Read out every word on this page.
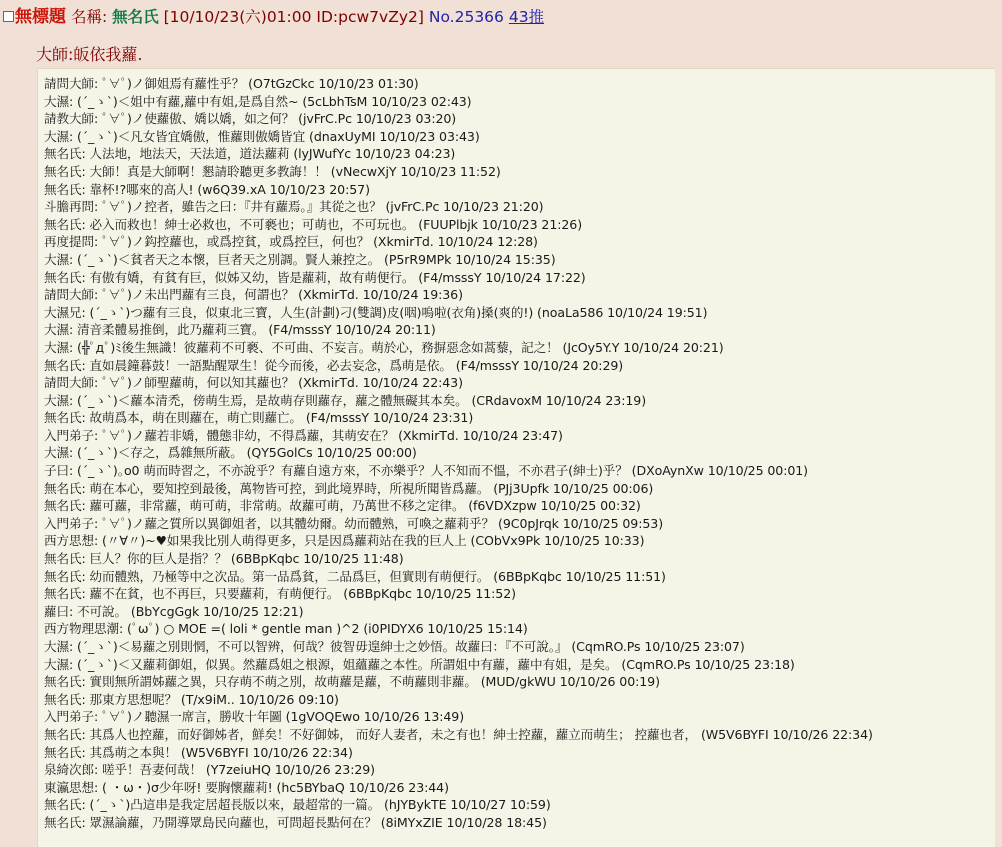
無標題 名稱: 無名氏 [10/10/23(六)01:00 ID:pcw7vZy2] No.25366 43推
大師:皈依我蘿.
請問大師: ﾟ∀ﾟ)ノ御姐焉有蘿性乎？ (O7tGzCkc 10/10/23 01:30)
大濕: (´_ゝ`)＜姐中有蘿,蘿中有姐,是爲自然~ (5cLbhTsM 10/10/23 02:43)
請教大師: ﾟ∀ﾟ)ノ使蘿傲、嬌以嬌，如之何？ (jvFrC.Pc 10/10/23 03:20)
大濕: (´_ゝ`)＜凡女皆宜嬌傲，惟蘿則傲嬌皆宜 (dnaxUyMI 10/10/23 03:43)
無名氏: 人法地，地法天，天法道，道法蘿莉 (lyJWufYc 10/10/23 04:23)
無名氏: 大師！真是大師啊！懇請聆聽更多教誨！！ (vNecwXjY 10/10/23 11:52)
無名氏: 靠杯!?哪來的高人! (w6Q39.xA 10/10/23 20:57)
斗膽再問: ﾟ∀ﾟ)ノ控者，雖告之曰：『井有蘿焉。』其從之也？ (jvFrC.Pc 10/10/23 21:20)
無名氏: 必入而救也！紳士必救也，不可褻也；可萌也，不可玩也。 (FUUPlbjk 10/10/23 21:26)
再度提問: ﾟ∀ﾟ)ノ鈎控蘿也，或爲控貧，或爲控巨，何也？ (XkmirTd. 10/10/24 12:28)
大濕: (´_ゝ`)＜貧者天之本懷，巨者天之別調。賢人兼控之。 (P5rR9MPk 10/10/24 15:35)
無名氏: 有傲有嬌，有貧有巨，似姊又幼，皆是蘿莉，故有萌便行。 (F4/msssY 10/10/24 17:22)
請問大師: ﾟ∀ﾟ)ノ未出門蘿有三良，何謂也？ (XkmirTd. 10/10/24 19:36)
大濕兄: (´_ゝ`)つ蘿有三良，似東北三寶，人生(計劃)刁(雙調)皮(咽)嗚啦(衣角)搡(爽的!) (noaLa586 10/10/24 19:51)
大濕: 清音柔體易推倒，此乃蘿莉三寶。 (F4/msssY 10/10/24 20:11)
大濕: (╬ﾟдﾟ)ﾐ後生無識！彼蘿莉不可褻、不可曲、不妄言。萌於心，務摒惡念如蒿藜，記之！ (JcOy5Y.Y 10/10/24 20:21)
無名氏: 直如晨鐘暮鼓！一語點醒眾生！從今而後，必去妄念，爲萌是依。 (F4/msssY 10/10/24 20:29)
請問大師: ﾟ∀ﾟ)ノ師聖蘿萌，何以知其蘿也？ (XkmirTd. 10/10/24 22:43)
大濕: (´_ゝ`)＜蘿本清禿，傍萌生焉，是故萌存則蘿存，蘿之體無礙其本矣。 (CRdavoxM 10/10/24 23:19)
無名氏: 故萌爲本，萌在則蘿在，萌亡則蘿亡。 (F4/msssY 10/10/24 23:31)
入門弟子: ﾟ∀ﾟ)ノ蘿若非嬌，體態非幼，不得爲蘿，其萌安在？ (XkmirTd. 10/10/24 23:47)
大濕: (´_ゝ`)＜存之，爲雜無所蔽。 (QY5GolCs 10/10/25 00:00)
子曰: (´_ゝ`)｡o0 萌而時習之，不亦說乎？有蘿自遠方來，不亦樂乎？人不知而不慍，不亦君子(紳士)乎？ (DXoAynXw 10/10/25 00:01)
無名氏: 萌在本心，要知控到最後，萬物皆可控，到此境界時，所視所聞皆爲蘿。 (PJj3Upfk 10/10/25 00:06)
無名氏: 蘿可蘿，非常蘿，萌可萌，非常萌。故蘿可萌，乃萬世不移之定律。 (f6VDXzpw 10/10/25 00:32)
入門弟子: ﾟ∀ﾟ)ノ蘿之質所以異御姐者，以其體幼爾。幼而體熟，可喚之蘿莉乎？ (9C0pJrqk 10/10/25 09:53)
西方思想: (〃∀〃)~♥如果我比別人萌得更多，只是因爲蘿莉站在我的巨人上 (CObVx9Pk 10/10/25 10:33)
無名氏: 巨人？你的巨人是指？？ (6BBpKqbc 10/10/25 11:48)
無名氏: 幼而體熟，乃極等中之次品。第一品爲貧，二品爲巨，但實則有萌便行。 (6BBpKqbc 10/10/25 11:51)
無名氏: 蘿不在貧，也不再巨，只要蘿莉，有萌便行。 (6BBpKqbc 10/10/25 11:52)
蘿曰: 不可說。 (BbYcgGgk 10/10/25 12:21)
西方物理思潮: (ﾟωﾟ) ○ MOE =( loli * gentle man )^2 (i0PIDYX6 10/10/25 15:14)
大濕: (´_ゝ`)＜易蘿之別則惘，不可以智辨，何哉？彼智毋遑紳士之妙悟。故蘿曰：『不可說。』 (CqmRO.Ps 10/10/25 23:07)
大濕: (´_ゝ`)＜又蘿莉御姐，似異。然蘿爲姐之根源，姐蘊蘿之本性。所謂姐中有蘿，蘿中有姐，是矣。 (CqmRO.Ps 10/10/25 23:18)
無名氏: 實則無所謂姊蘿之異，只存萌不萌之別，故萌蘿是蘿，不萌蘿則非蘿。 (MUD/gkWU 10/10/26 00:19)
無名氏: 那東方思想呢？ (T/x9iM.. 10/10/26 09:10)
入門弟子: ﾟ∀ﾟ)ノ聽濕一席言，勝收十年圖 (1gVOQEwo 10/10/26 13:49)
無名氏: 其爲人也控蘿，而好御姊者，鮮矣！不好御姊， 而好人妻者，未之有也！紳士控蘿，蘿立而萌生； 控蘿也者， (W5V6BYFI 10/10/26 22:34)
無名氏: 其爲萌之本與！ (W5V6BYFI 10/10/26 22:34)
泉綺次郎: 嗟乎！吾妻何哉！ (Y7zeiuHQ 10/10/26 23:29)
東瀛思想: ( ・ω・)σ少年呀! 要胸懷蘿莉! (hc5BYbaQ 10/10/26 23:44)
無名氏: (´_ゝ`)凸這串是我定居超長版以來，最超常的一篇。 (hJYBykTE 10/10/27 10:59)
無名氏: 眾濕論蘿，乃開導眾島民向蘿也，可問超長點何在？ (8iMYxZIE 10/10/28 18:45)
